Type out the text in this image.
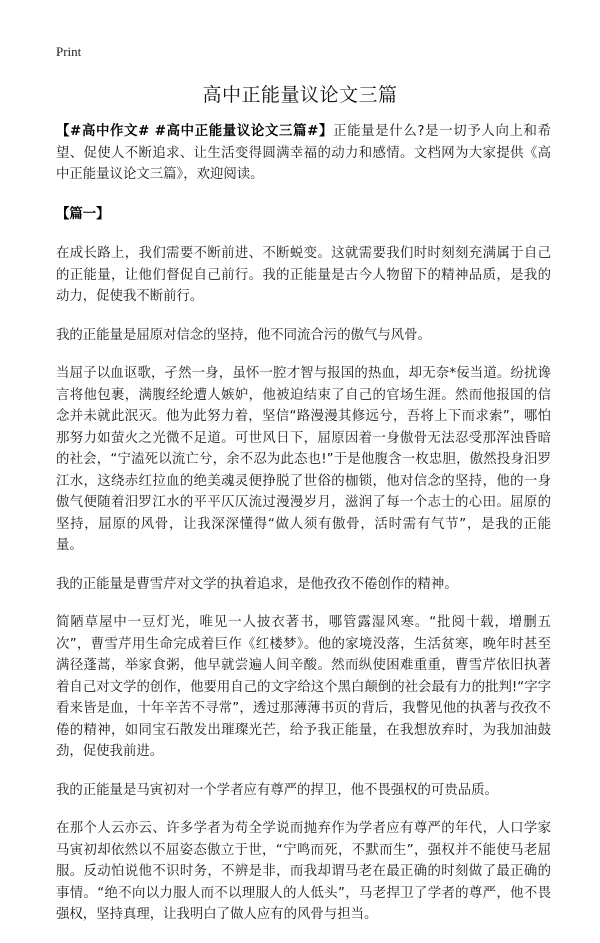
Print
高中正能量议论文三篇

【#高中作文# #高中正能量议论文三篇#】正能量是什么?是一切予人向上和希望、促使人不断追求、让生活变得圆满幸福的动力和感情。文档网为大家提供《高中正能量议论文三篇》，欢迎阅读。

【篇一】

在成长路上，我们需要不断前进、不断蜕变。这就需要我们时时刻刻充满属于自己的正能量，让他们督促自己前行。我的正能量是古今人物留下的精神品质，是我的动力，促使我不断前行。

我的正能量是屈原对信念的坚持，他不同流合污的傲气与风骨。

当屈子以血讴歌，孑然一身，虽怀一腔才智与报国的热血，却无奈*佞当道。纷扰谗言将他包裹，满腹经纶遭人嫉妒，他被迫结束了自己的官场生涯。然而他报国的信念并未就此泯灭。他为此努力着，坚信“路漫漫其修远兮，吾将上下而求索”，哪怕那努力如萤火之光微不足道。可世风日下，屈原因着一身傲骨无法忍受那浑浊昏暗的社会，“宁溘死以流亡兮，余不忍为此态也!”于是他腹含一枚忠胆，傲然投身汨罗江水，这绕赤红拉血的绝美魂灵便挣脱了世俗的枷锁，他对信念的坚持，他的一身傲气便随着汨罗江水的平平仄仄流过漫漫岁月，滋润了每一个志士的心田。屈原的坚持，屈原的风骨，让我深深懂得“做人须有傲骨，活时需有气节”，是我的正能量。

我的正能量是曹雪芹对文学的执着追求，是他孜孜不倦创作的精神。

简陋草屋中一豆灯光，唯见一人披衣著书，哪管露湿风寒。“批阅十载，增删五次”，曹雪芹用生命完成着巨作《红楼梦》。他的家境没落，生活贫寒，晚年时甚至满径蓬蒿，举家食粥，他早就尝遍人间辛酸。然而纵使困难重重，曹雪芹依旧执著着自己对文学的创作，他要用自己的文字给这个黑白颠倒的社会最有力的批判!“字字看来皆是血，十年辛苦不寻常”，透过那薄薄书页的背后，我瞥见他的执著与孜孜不倦的精神，如同宝石散发出璀璨光芒，给予我正能量，在我想放弃时，为我加油鼓劲，促使我前进。

我的正能量是马寅初对一个学者应有尊严的捍卫，他不畏强权的可贵品质。

在那个人云亦云、许多学者为苟全学说而抛弃作为学者应有尊严的年代，人口学家马寅初却依然以不屈姿态傲立于世，“宁鸣而死，不默而生”，强权并不能使马老屈服。反动怕说他不识时务，不辨是非，而我却谓马老在最正确的时刻做了最正确的事情。“绝不向以力服人而不以理服人的人低头”，马老捍卫了学者的尊严，他不畏强权，坚持真理，让我明白了做人应有的风骨与担当。
